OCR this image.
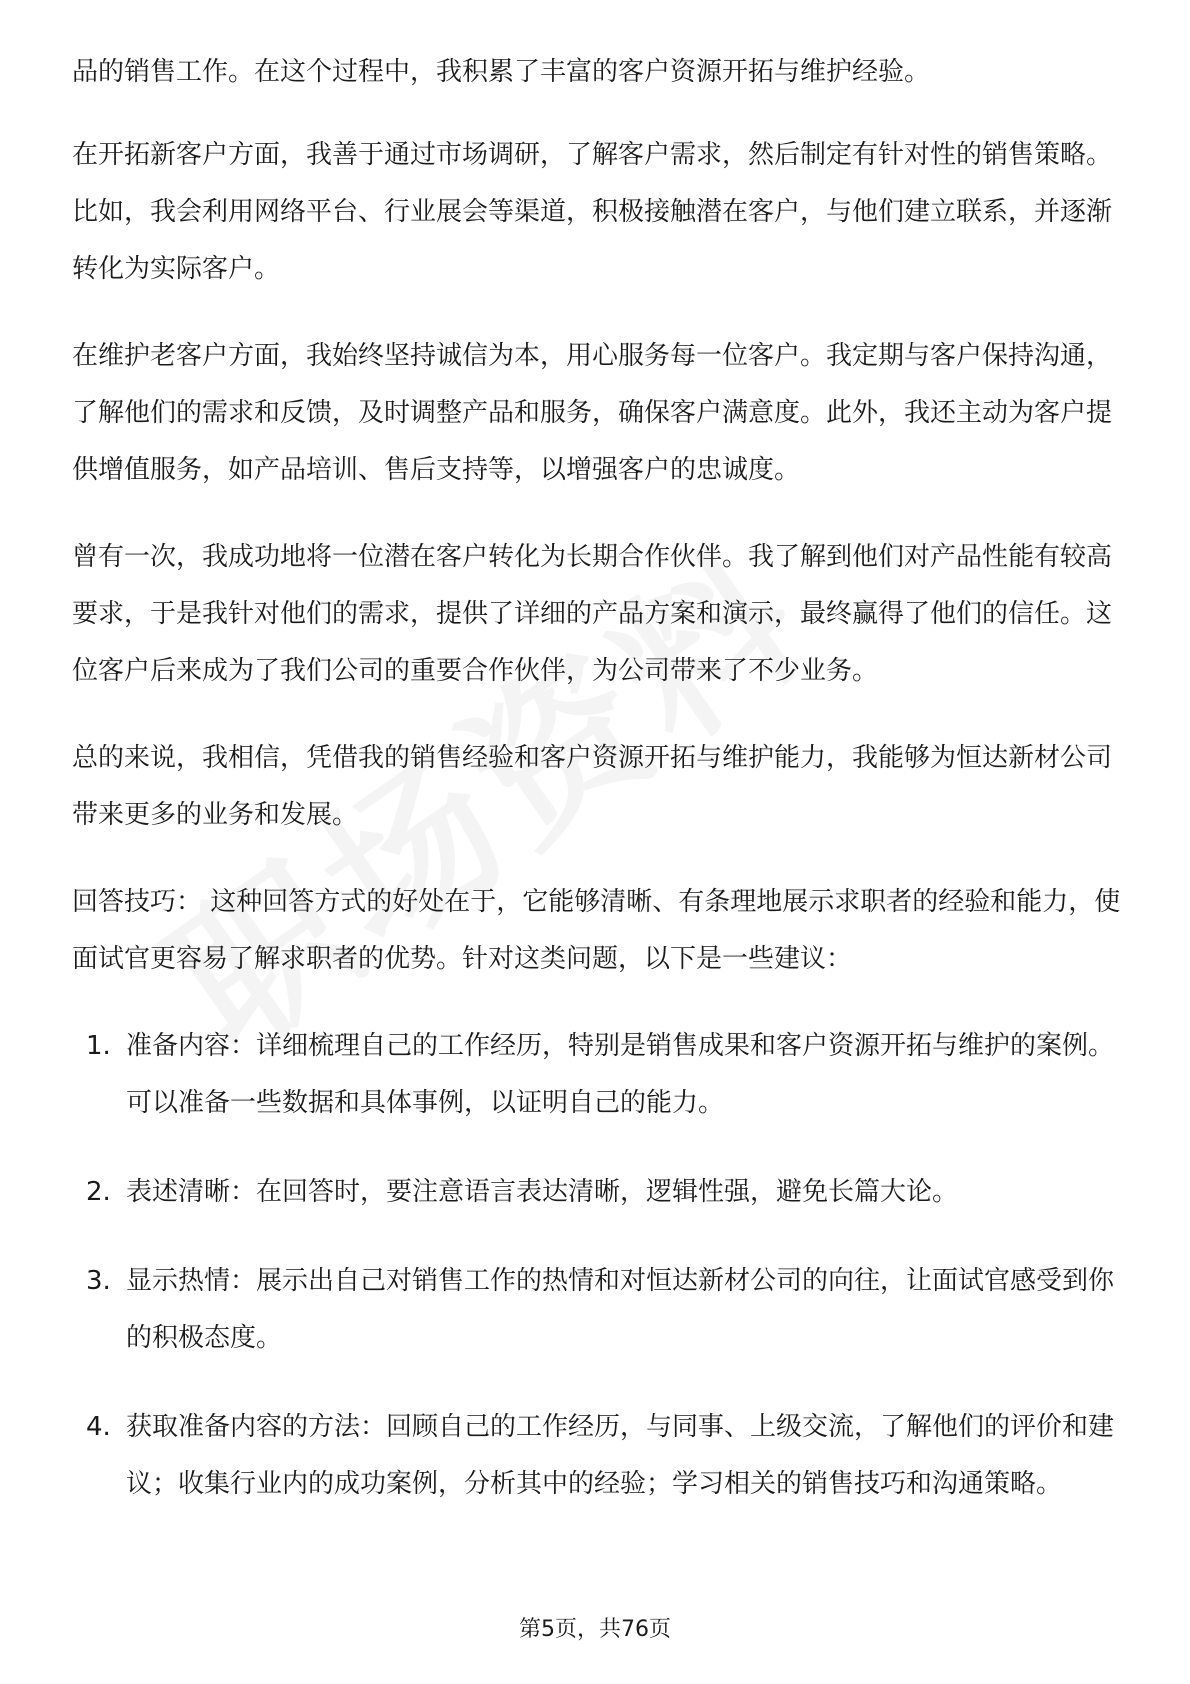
品的销售工作。在这个过程中，我积累了丰富的客户资源开拓与维护经验。

在开拓新客户方面，我善于通过市场调研，了解客户需求，然后制定有针对性的销售策略。比如，我会利用网络平台、行业展会等渠道，积极接触潜在客户，与他们建立联系，并逐渐转化为实际客户。

在维护老客户方面，我始终坚持诚信为本，用心服务每一位客户。我定期与客户保持沟通，了解他们的需求和反馈，及时调整产品和服务，确保客户满意度。此外，我还主动为客户提供增值服务，如产品培训、售后支持等，以增强客户的忠诚度。

曾有一次，我成功地将一位潜在客户转化为长期合作伙伴。我了解到他们对产品性能有较高要求，于是我针对他们的需求，提供了详细的产品方案和演示，最终赢得了他们的信任。这位客户后来成为了我们公司的重要合作伙伴，为公司带来了不少业务。

总的来说，我相信，凭借我的销售经验和客户资源开拓与维护能力，我能够为恒达新材公司带来更多的业务和发展。

回答技巧： 这种回答方式的好处在于，它能够清晰、有条理地展示求职者的经验和能力，使面试官更容易了解求职者的优势。针对这类问题，以下是一些建议：

1. 准备内容：详细梳理自己的工作经历，特别是销售成果和客户资源开拓与维护的案例。可以准备一些数据和具体事例，以证明自己的能力。
2. 表述清晰：在回答时，要注意语言表达清晰，逻辑性强，避免长篇大论。
3. 显示热情：展示出自己对销售工作的热情和对恒达新材公司的向往，让面试官感受到你的积极态度。
4. 获取准备内容的方法：回顾自己的工作经历，与同事、上级交流，了解他们的评价和建议；收集行业内的成功案例，分析其中的经验；学习相关的销售技巧和沟通策略。
第5页，共76页
